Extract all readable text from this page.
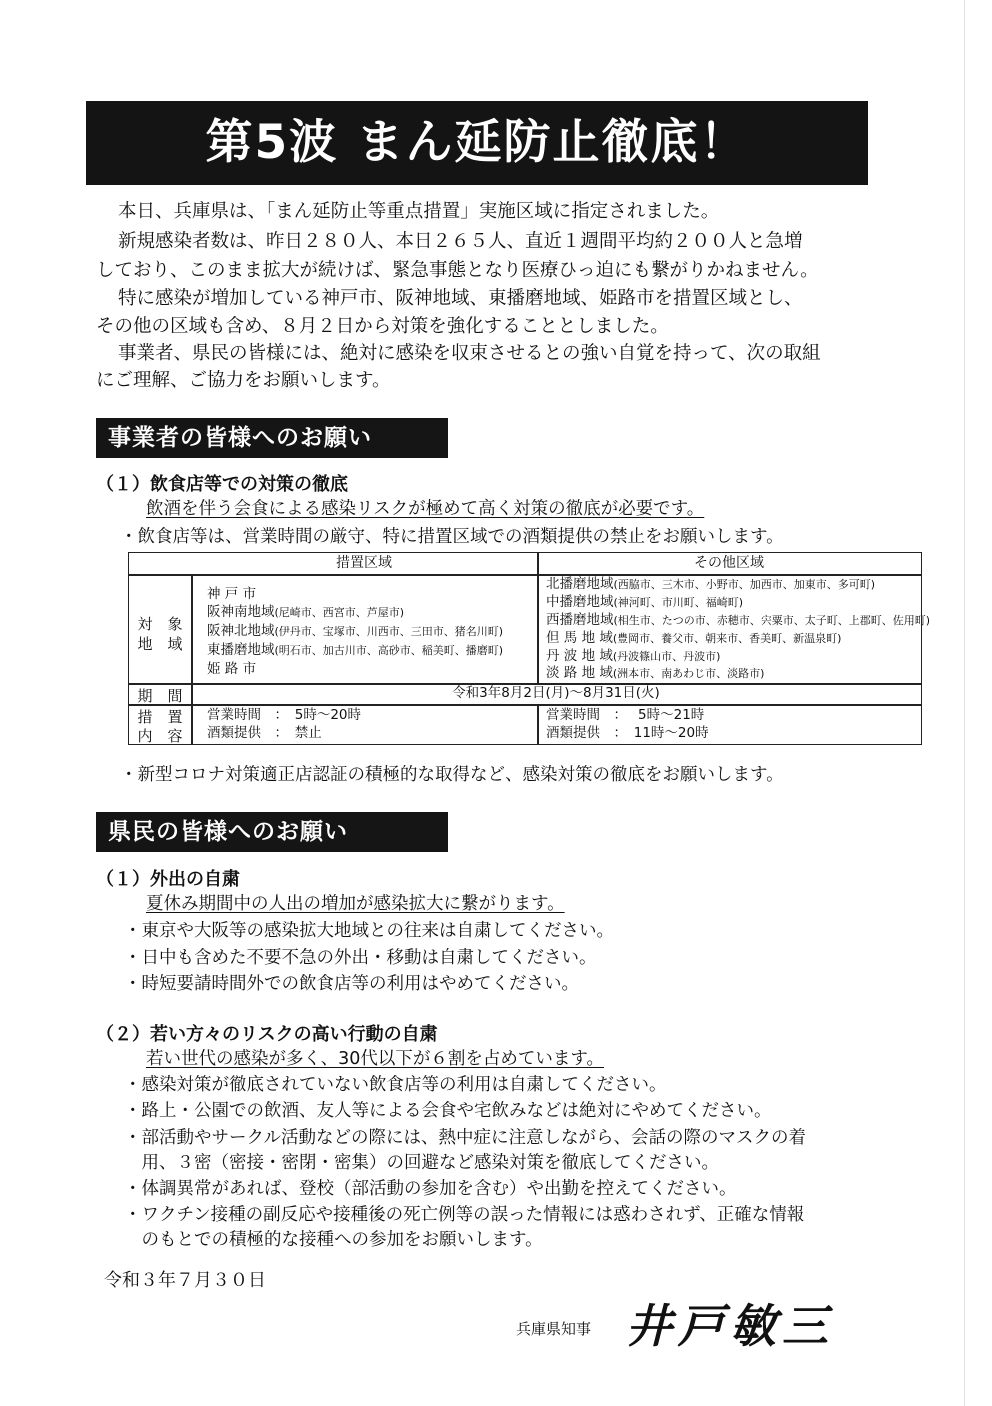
第5波 まん延防止徹底！
本日、兵庫県は、「まん延防止等重点措置」実施区域に指定されました。
新規感染者数は、昨日２８０人、本日２６５人、直近１週間平均約２００人と急増
しており、このまま拡大が続けば、緊急事態となり医療ひっ迫にも繋がりかねません。
特に感染が増加している神戸市、阪神地域、東播磨地域、姫路市を措置区域とし、
その他の区域も含め、８月２日から対策を強化することとしました。
事業者、県民の皆様には、絶対に感染を収束させるとの強い自覚を持って、次の取組
にご理解、ご協力をお願いします。
事業者の皆様へのお願い
（１）飲食店等での対策の徹底
飲酒を伴う会食による感染リスクが極めて高く対策の徹底が必要です。
・飲食店等は、営業時間の厳守、特に措置区域での酒類提供の禁止をお願いします。
措置区域	その他区域
対　象
地　域
期　間
措　置
内　容
神 戸 市
阪神南地域(尼崎市、西宮市、芦屋市)
阪神北地域(伊丹市、宝塚市、川西市、三田市、猪名川町)
東播磨地域(明石市、加古川市、高砂市、稲美町、播磨町)
姫 路 市
北播磨地域(西脇市、三木市、小野市、加西市、加東市、多可町)
中播磨地域(神河町、市川町、福崎町)
西播磨地域(相生市、たつの市、赤穂市、宍粟市、太子町、上郡町、佐用町)
但 馬 地 域(豊岡市、養父市、朝来市、香美町、新温泉町)
丹 波 地 域(丹波篠山市、丹波市)
淡 路 地 域(洲本市、南あわじ市、淡路市)
令和3年8月2日(月)～8月31日(火)
営業時間　：　5時～20時
酒類提供　：　禁止
営業時間　：　 5時～21時
酒類提供　：　11時～20時
・新型コロナ対策適正店認証の積極的な取得など、感染対策の徹底をお願いします。
県民の皆様へのお願い
（１）外出の自粛
夏休み期間中の人出の増加が感染拡大に繋がります。
・東京や大阪等の感染拡大地域との往来は自粛してください。
・日中も含めた不要不急の外出・移動は自粛してください。
・時短要請時間外での飲食店等の利用はやめてください。
（２）若い方々のリスクの高い行動の自粛
若い世代の感染が多く、30代以下が６割を占めています。
・感染対策が徹底されていない飲食店等の利用は自粛してください。
・路上・公園での飲酒、友人等による会食や宅飲みなどは絶対にやめてください。
・部活動やサークル活動などの際には、熱中症に注意しながら、会話の際のマスクの着
　用、３密（密接・密閉・密集）の回避など感染対策を徹底してください。
・体調異常があれば、登校（部活動の参加を含む）や出勤を控えてください。
・ワクチン接種の副反応や接種後の死亡例等の誤った情報には惑わされず、正確な情報
　のもとでの積極的な接種への参加をお願いします。
令和３年７月３０日
兵庫県知事 井戸敏三
